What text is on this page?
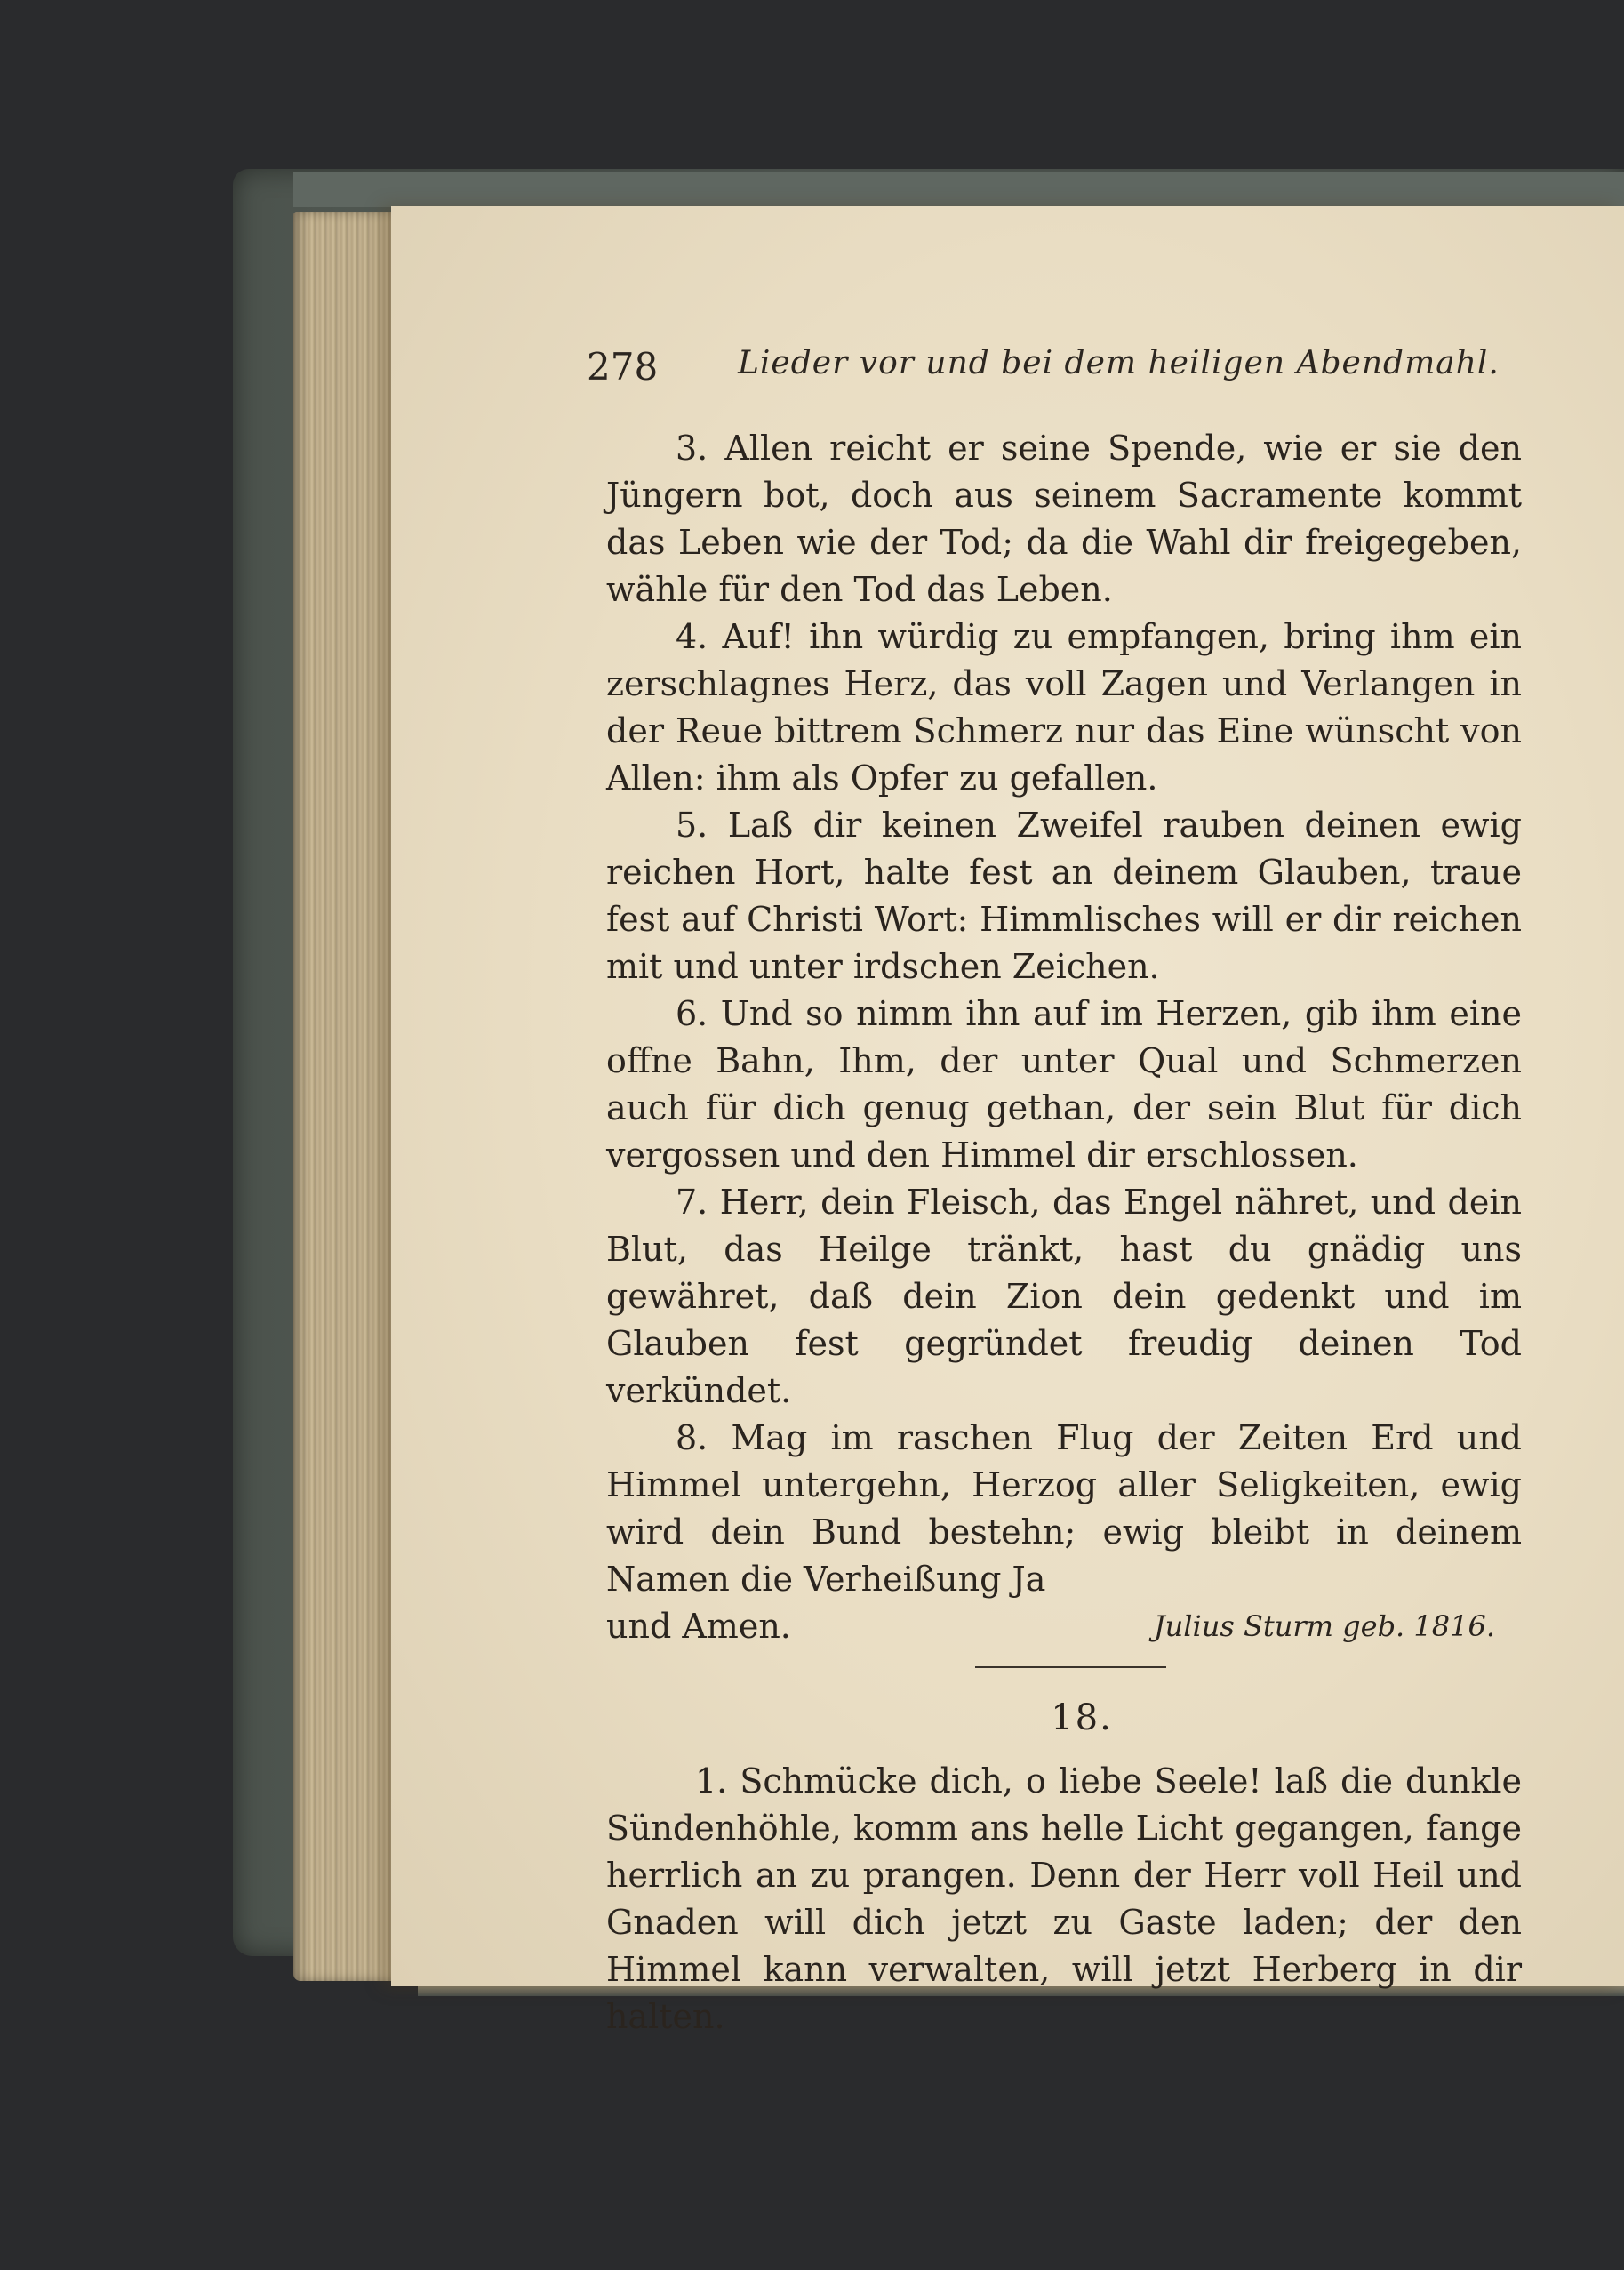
278 Lieder vor und bei dem heiligen Abendmahl.

3. Allen reicht er seine Spende, wie er sie den Jüngern bot, doch aus seinem Sacramente kommt das Leben wie der Tod; da die Wahl dir freigegeben, wähle für den Tod das Leben.

4. Auf! ihn würdig zu empfangen, bring ihm ein zerschlagnes Herz, das voll Zagen und Verlangen in der Reue bittrem Schmerz nur das Eine wünscht von Allen: ihm als Opfer zu gefallen.

5. Laß dir keinen Zweifel rauben deinen ewig reichen Hort, halte fest an deinem Glauben, traue fest auf Christi Wort: Himmlisches will er dir reichen mit und unter irdschen Zeichen.

6. Und so nimm ihn auf im Herzen, gib ihm eine offne Bahn, Ihm, der unter Qual und Schmerzen auch für dich genug gethan, der sein Blut für dich vergossen und den Himmel dir erschlossen.

7. Herr, dein Fleisch, das Engel nähret, und dein Blut, das Heilge tränkt, hast du gnädig uns gewähret, daß dein Zion dein gedenkt und im Glauben fest gegründet freudig deinen Tod verkündet.

8. Mag im raschen Flug der Zeiten Erd und Himmel untergehn, Herzog aller Seligkeiten, ewig wird dein Bund bestehn; ewig bleibt in deinem Namen die Verheißung Ja

und Amen.	Julius Sturm geb. 1816.
18.

1. Schmücke dich, o liebe Seele! laß die dunkle Sündenhöhle, komm ans helle Licht gegangen, fange herrlich an zu prangen. Denn der Herr voll Heil und Gnaden will dich jetzt zu Gaste laden; der den Himmel kann verwalten, will jetzt Herberg in dir halten.
